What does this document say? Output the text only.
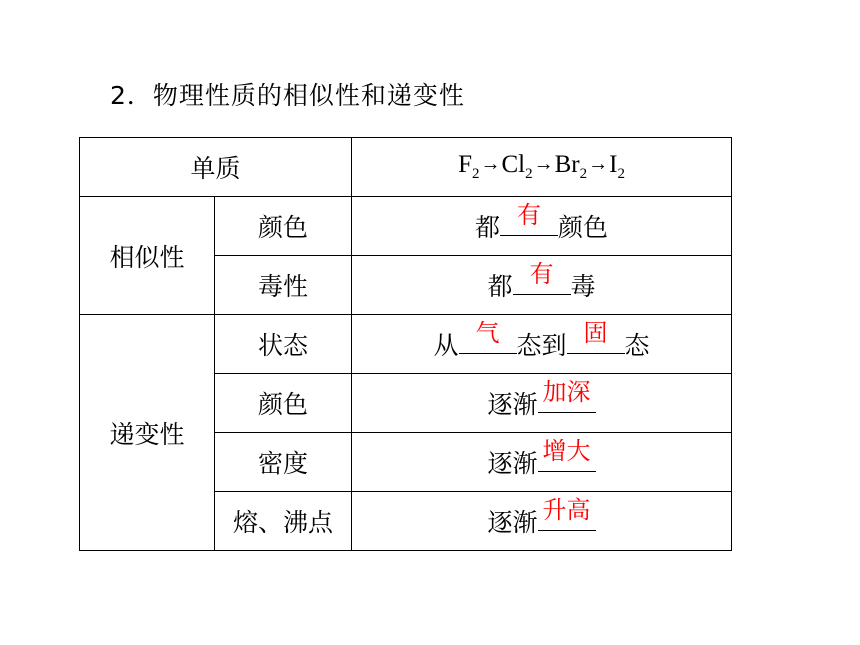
2．物理性质的相似性和递变性
单质		$F_2\to Cl_2\to Br_2\to I_2$
相似性	颜色	都 有 颜色
	毒性	都 有 毒
递变性	状态	从 气 态到 固 态
	颜色	逐渐 加深

	密度	逐渐 增大

	熔、沸点	逐渐 升高
